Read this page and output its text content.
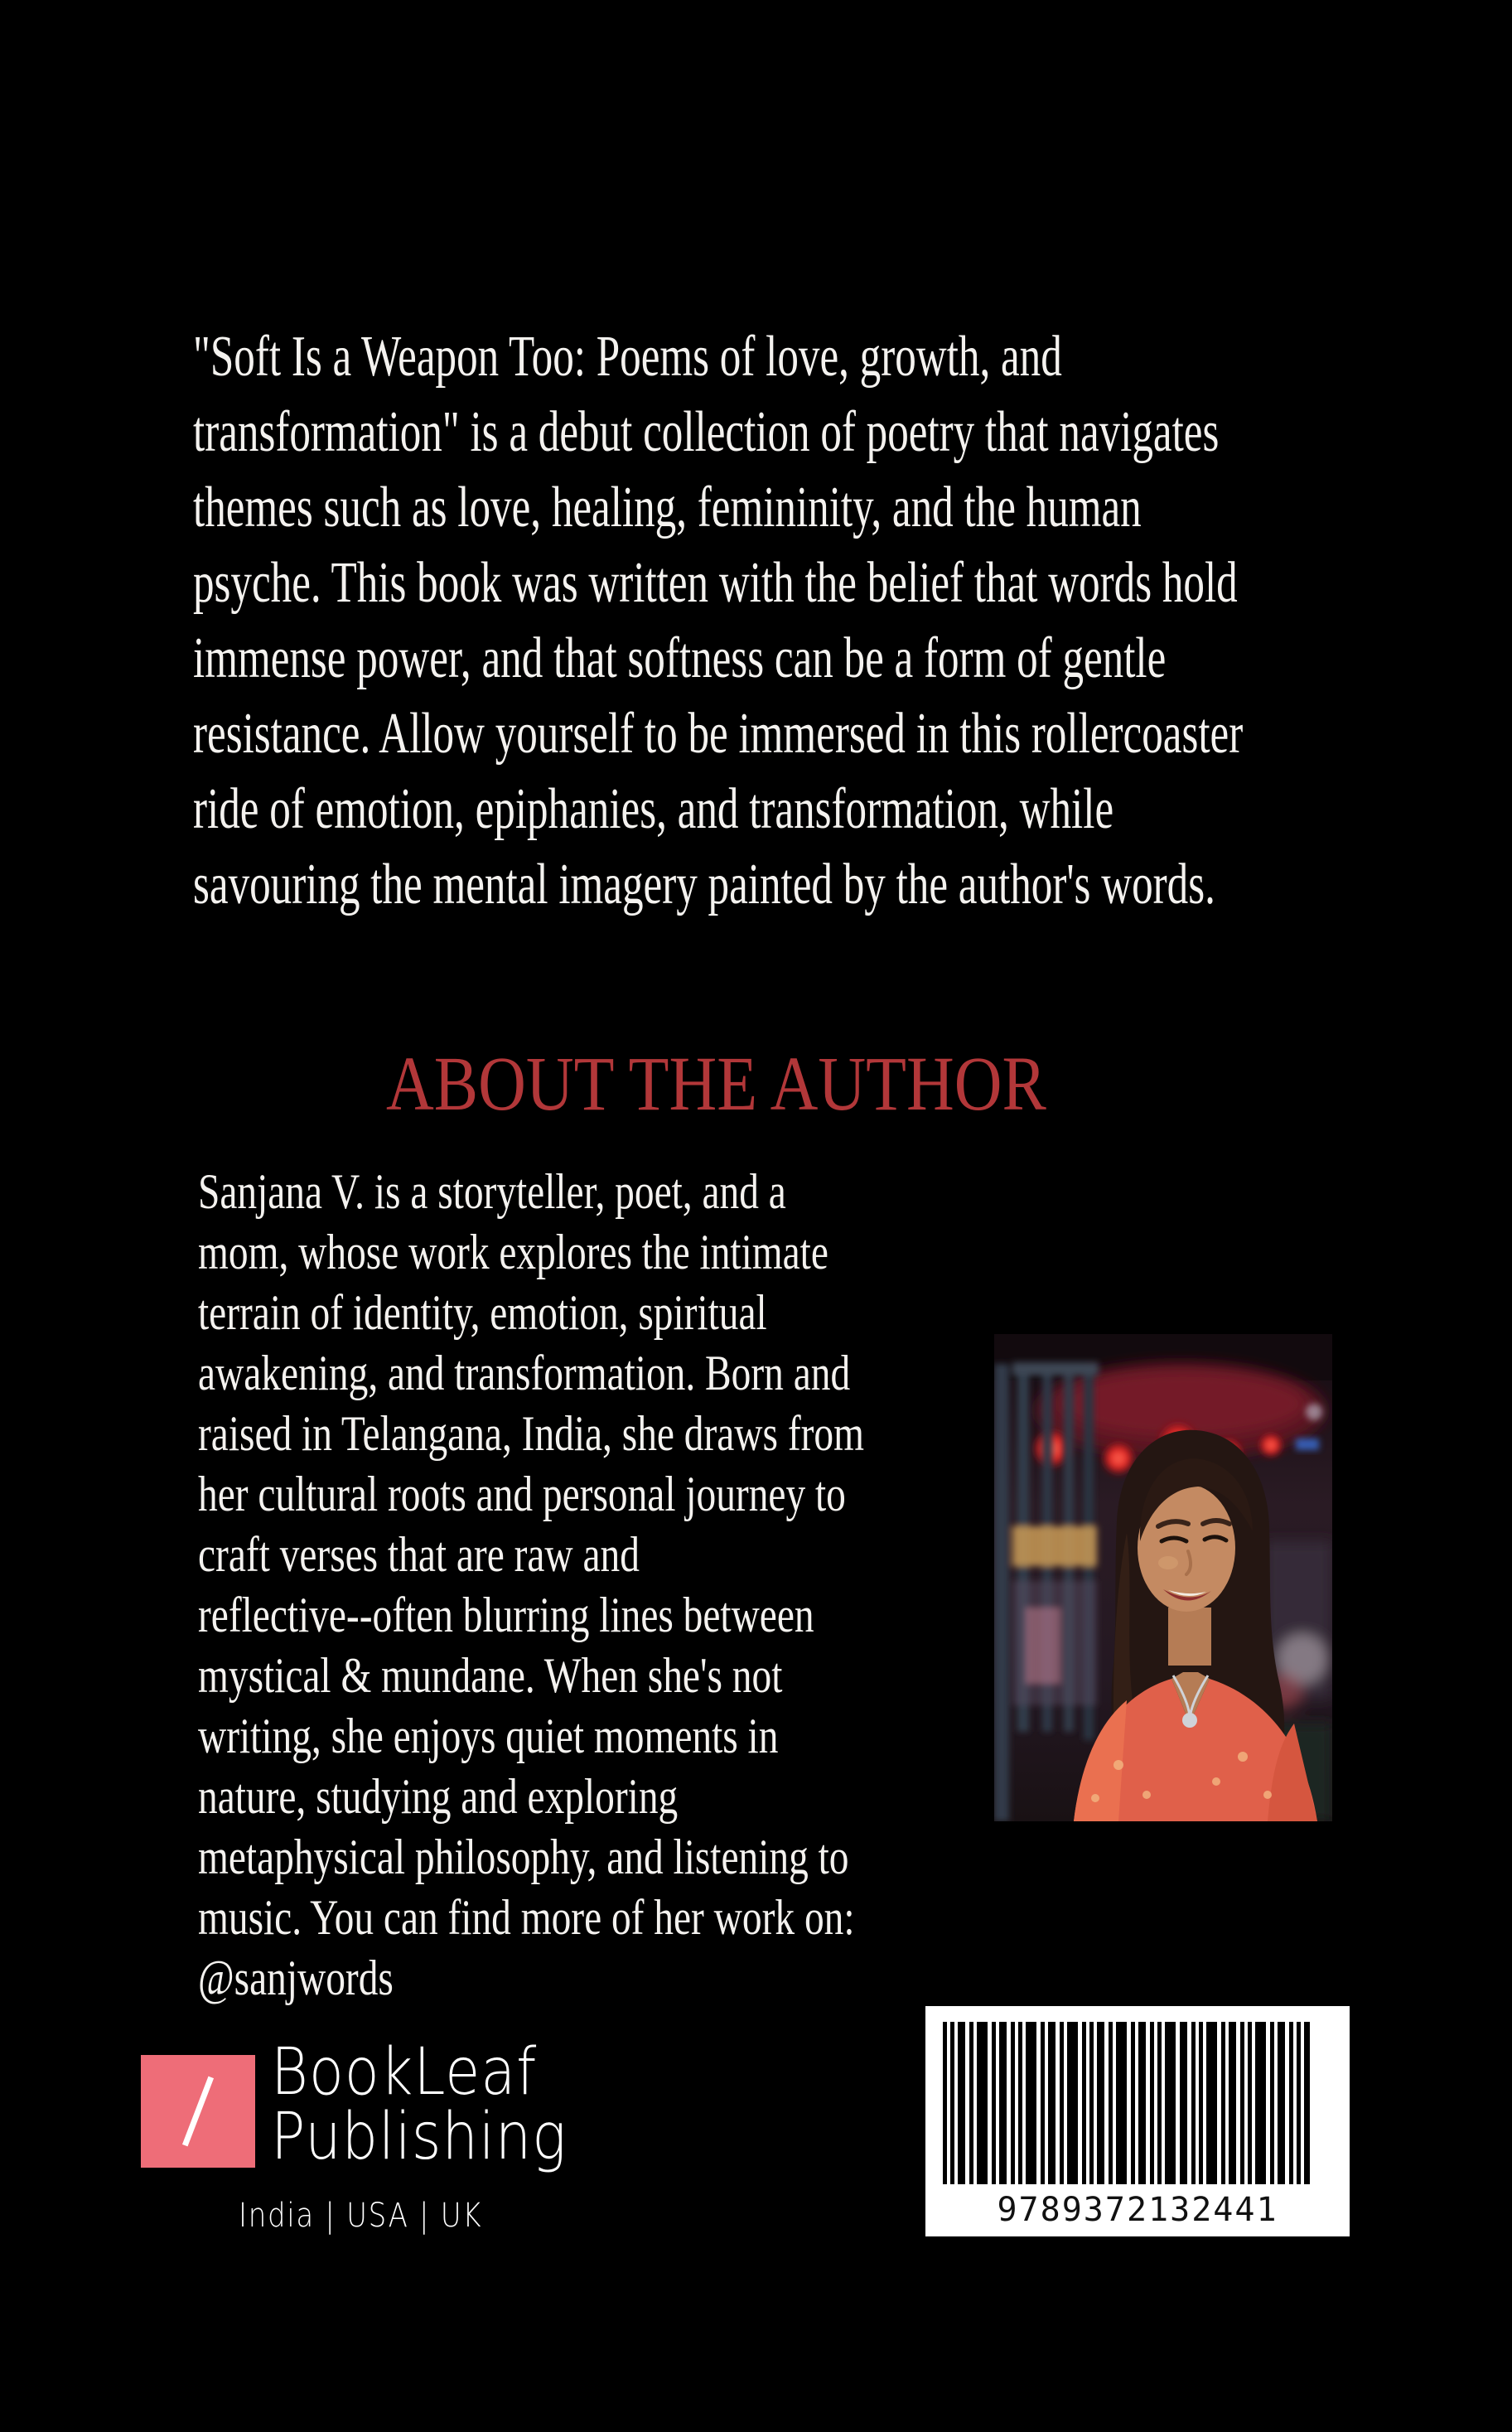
"Soft Is a Weapon Too: Poems of love, growth, and
transformation" is a debut collection of poetry that navigates
themes such as love, healing, femininity, and the human
psyche. This book was written with the belief that words hold
immense power, and that softness can be a form of gentle
resistance. Allow yourself to be immersed in this rollercoaster
ride of emotion, epiphanies, and transformation, while
savouring the mental imagery painted by the author's words.
ABOUT THE AUTHOR
Sanjana V. is a storyteller, poet, and a
mom, whose work explores the intimate
terrain of identity, emotion, spiritual
awakening, and transformation. Born and
raised in Telangana, India, she draws from
her cultural roots and personal journey to
craft verses that are raw and
reflective--often blurring lines between
mystical & mundane. When she's not
writing, she enjoys quiet moments in
nature, studying and exploring
metaphysical philosophy, and listening to
music. You can find more of her work on:
@sanjwords
BookLeaf
Publishing
India | USA | UK	9789372132441
